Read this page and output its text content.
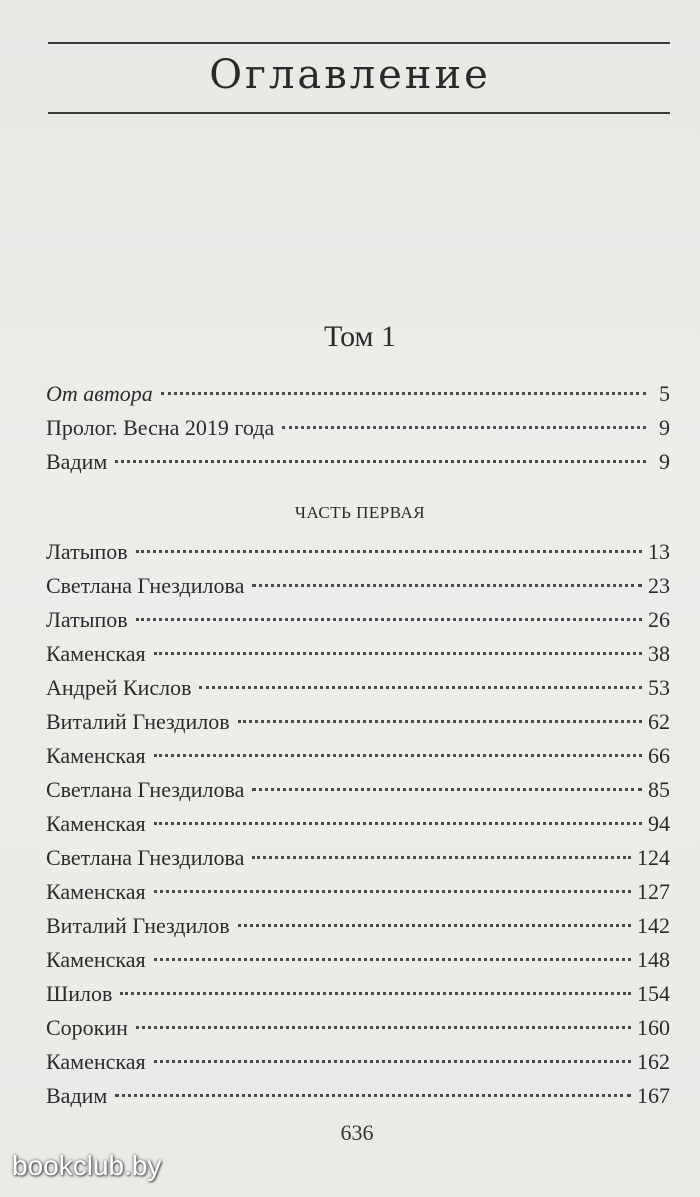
Оглавление
Том 1
От автора	5
Пролог. Весна 2019 года	9
Вадим	9
ЧАСТЬ ПЕРВАЯ
Латыпов	13
Светлана Гнездилова	23
Латыпов	26
Каменская	38
Андрей Кислов	53
Виталий Гнездилов	62
Каменская	66
Светлана Гнездилова	85
Каменская	94
Светлана Гнездилова	124
Каменская	127
Виталий Гнездилов	142
Каменская	148
Шилов	154
Сорокин	160
Каменская	162
Вадим	167
636
bookclub.by
